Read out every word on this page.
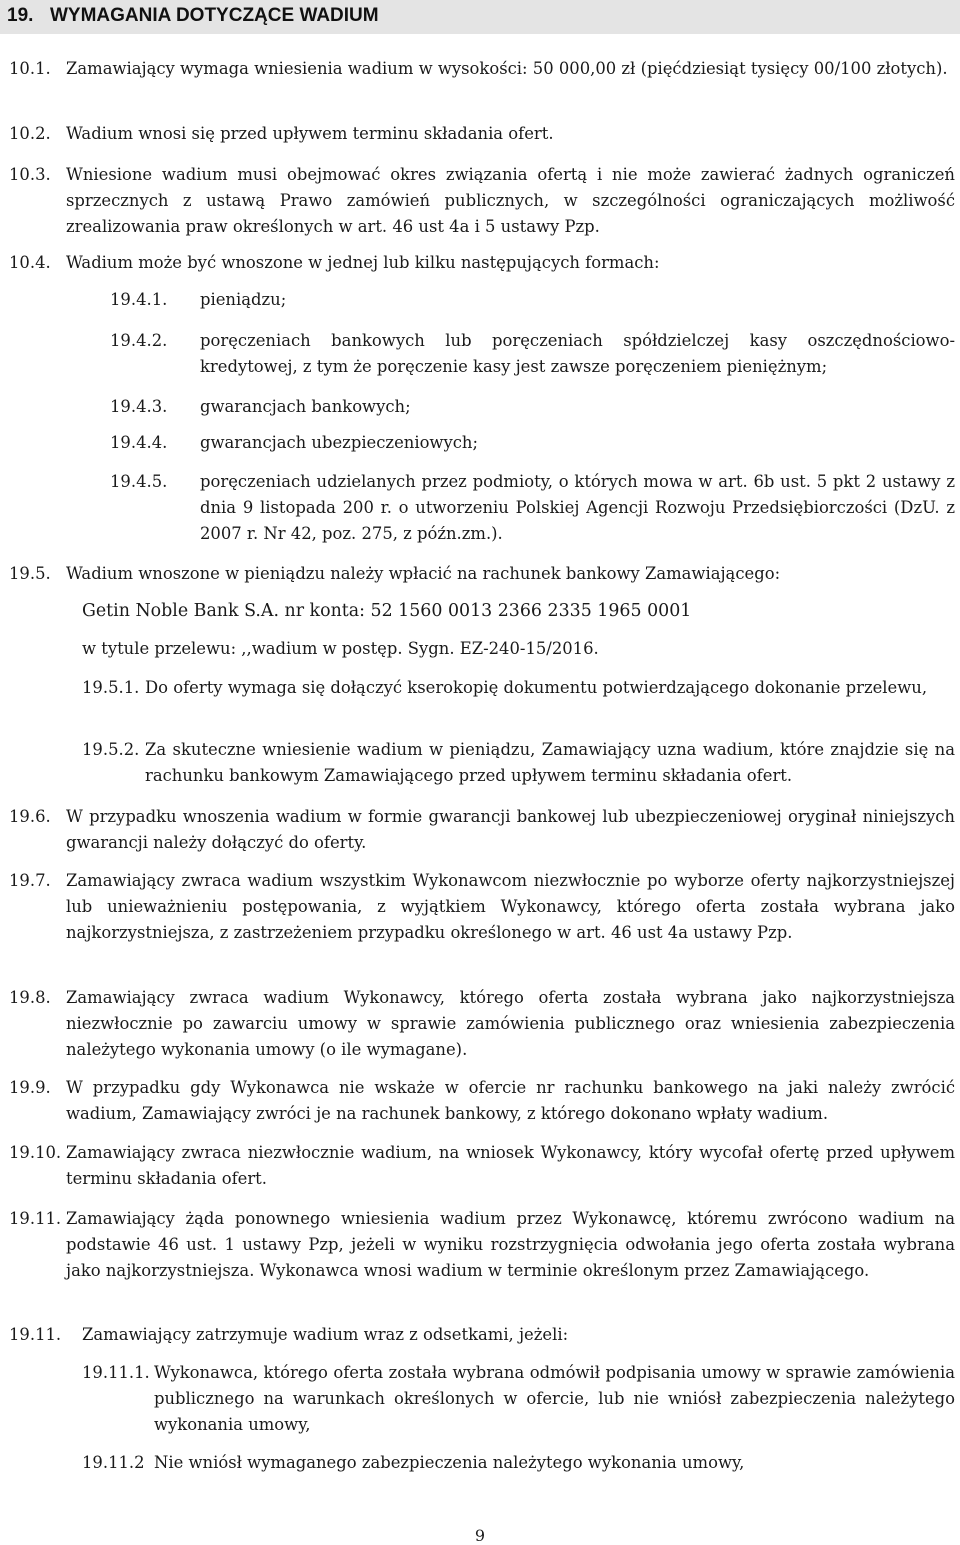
19. WYMAGANIA DOTYCZĄCE WADIUM
10.1. Zamawiający wymaga wniesienia wadium w wysokości: 50 000,00 zł (pięćdziesiąt tysięcy 00/100 złotych).
10.2. Wadium wnosi się przed upływem terminu składania ofert.
10.3. Wniesione wadium musi obejmować okres związania ofertą i nie może zawierać żadnych ograniczeń sprzecznych z ustawą Prawo zamówień publicznych, w szczególności ograniczających możliwość zrealizowania praw określonych w art. 46 ust 4a i 5 ustawy Pzp.
10.4. Wadium może być wnoszone w jednej lub kilku następujących formach:
19.4.1. pieniądzu;
19.4.2. poręczeniach bankowych lub poręczeniach spółdzielczej kasy oszczędnościowo-kredytowej, z tym że poręczenie kasy jest zawsze poręczeniem pieniężnym;
19.4.3. gwarancjach bankowych;
19.4.4. gwarancjach ubezpieczeniowych;
19.4.5. poręczeniach udzielanych przez podmioty, o których mowa w art. 6b ust. 5 pkt 2 ustawy z dnia 9 listopada 200 r. o utworzeniu Polskiej Agencji Rozwoju Przedsiębiorczości (DzU. z 2007 r. Nr 42, poz. 275, z późn.zm.).
19.5. Wadium wnoszone w pieniądzu należy wpłacić na rachunek bankowy Zamawiającego:
Getin Noble Bank S.A. nr konta: 52 1560 0013 2366 2335 1965 0001
w tytule przelewu: ,,wadium w postęp. Sygn. EZ-240-15/2016.
19.5.1. Do oferty wymaga się dołączyć kserokopię dokumentu potwierdzającego dokonanie przelewu,
19.5.2. Za skuteczne wniesienie wadium w pieniądzu, Zamawiający uzna wadium, które znajdzie się na rachunku bankowym Zamawiającego przed upływem terminu składania ofert.
19.6. W przypadku wnoszenia wadium w formie gwarancji bankowej lub ubezpieczeniowej oryginał niniejszych gwarancji należy dołączyć do oferty.
19.7. Zamawiający zwraca wadium wszystkim Wykonawcom niezwłocznie po wyborze oferty najkorzystniejszej lub unieważnieniu postępowania, z wyjątkiem Wykonawcy, którego oferta została wybrana jako najkorzystniejsza, z zastrzeżeniem przypadku określonego w art. 46 ust 4a ustawy Pzp.
19.8. Zamawiający zwraca wadium Wykonawcy, którego oferta została wybrana jako najkorzystniejsza niezwłocznie po zawarciu umowy w sprawie zamówienia publicznego oraz wniesienia zabezpieczenia należytego wykonania umowy (o ile wymagane).
19.9. W przypadku gdy Wykonawca nie wskaże w ofercie nr rachunku bankowego na jaki należy zwrócić wadium, Zamawiający zwróci je na rachunek bankowy, z którego dokonano wpłaty wadium.
19.10. Zamawiający zwraca niezwłocznie wadium, na wniosek Wykonawcy, który wycofał ofertę przed upływem terminu składania ofert.
19.11. Zamawiający żąda ponownego wniesienia wadium przez Wykonawcę, któremu zwrócono wadium na podstawie 46 ust. 1 ustawy Pzp, jeżeli w wyniku rozstrzygnięcia odwołania jego oferta została wybrana jako najkorzystniejsza. Wykonawca wnosi wadium w terminie określonym przez Zamawiającego.
19.11. Zamawiający zatrzymuje wadium wraz z odsetkami, jeżeli:
19.11.1. Wykonawca, którego oferta została wybrana odmówił podpisania umowy w sprawie zamówienia publicznego na warunkach określonych w ofercie, lub nie wniósł zabezpieczenia należytego wykonania umowy,
19.11.2 Nie wniósł wymaganego zabezpieczenia należytego wykonania umowy,
9
